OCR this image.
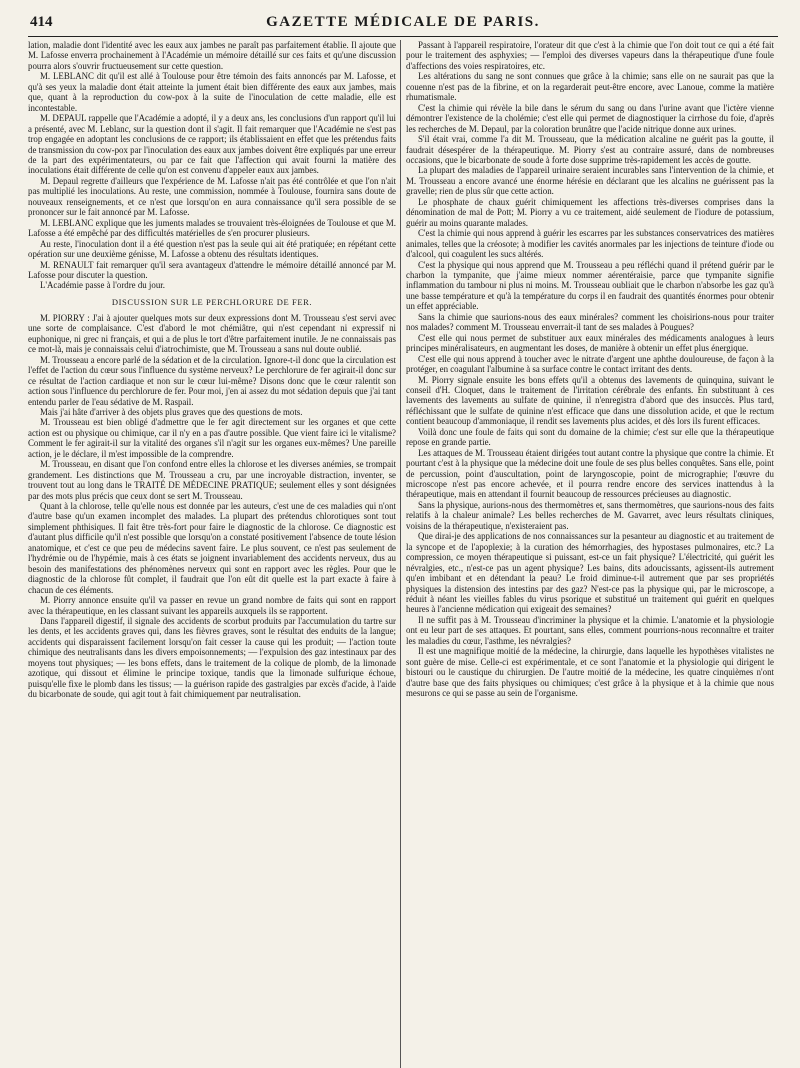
414	GAZETTE MÉDICALE DE PARIS.

lation, maladie dont l'identité avec les eaux aux jambes ne paraît pas parfaitement établie. Il ajoute que M. Lafosse enverra prochainement à l'Académie un mémoire détaillé sur ces faits et qu'une discussion pourra alors s'ouvrir fructueusement sur cette question.

M. LEBLANC dit qu'il est allé à Toulouse pour être témoin des faits annoncés par M. Lafosse, et qu'à ses yeux la maladie dont était atteinte la jument était bien différente des eaux aux jambes, mais que, quant à la reproduction du cow-pox à la suite de l'inoculation de cette maladie, elle est incontestable.

M. DEPAUL rappelle que l'Académie a adopté, il y a deux ans, les conclusions d'un rapport qu'il lui a présenté, avec M. Leblanc, sur la question dont il s'agit. Il fait remarquer que l'Académie ne s'est pas trop engagée en adoptant les conclusions de ce rapport; ils établissaient en effet que les prétendus faits de transmission du cow-pox par l'inoculation des eaux aux jambes doivent être expliqués par une erreur de la part des expérimentateurs, ou par ce fait que l'affection qui avait fourni la matière des inoculations était différente de celle qu'on est convenu d'appeler eaux aux jambes.

M. Depaul regrette d'ailleurs que l'expérience de M. Lafosse n'ait pas été contrôlée et que l'on n'ait pas multiplié les inoculations. Au reste, une commission, nommée à Toulouse, fournira sans doute de nouveaux renseignements, et ce n'est que lorsqu'on en aura connaissance qu'il sera possible de se prononcer sur le fait annoncé par M. Lafosse.

M. LEBLANC explique que les juments malades se trouvaient très-éloignées de Toulouse et que M. Lafosse a été empêché par des difficultés matérielles de s'en procurer plusieurs.

Au reste, l'inoculation dont il a été question n'est pas la seule qui ait été pratiquée; en répétant cette opération sur une deuxième génisse, M. Lafosse a obtenu des résultats identiques.

M. RENAULT fait remarquer qu'il sera avantageux d'attendre le mémoire détaillé annoncé par M. Lafosse pour discuter la question.

L'Académie passe à l'ordre du jour.

DISCUSSION SUR LE PERCHLORURE DE FER.

M. PIORRY : J'ai à ajouter quelques mots sur deux expressions dont M. Trousseau s'est servi avec une sorte de complaisance. C'est d'abord le mot chémiâtre, qui n'est cependant ni expressif ni euphonique, ni grec ni français, et qui a de plus le tort d'être parfaitement inutile. Je ne connaissais pas ce mot-là, mais je connaissais celui d'iatrochimiste, que M. Trousseau a sans nul doute oublié.

M. Trousseau a encore parlé de la sédation et de la circulation. Ignore-t-il donc que la circulation est l'effet de l'action du cœur sous l'influence du système nerveux? Le perchlorure de fer agirait-il donc sur ce résultat de l'action cardiaque et non sur le cœur lui-même? Disons donc que le cœur ralentit son action sous l'influence du perchlorure de fer. Pour moi, j'en ai assez du mot sédation depuis que j'ai tant entendu parler de l'eau sédative de M. Raspail.

Mais j'ai hâte d'arriver à des objets plus graves que des questions de mots.

M. Trousseau est bien obligé d'admettre que le fer agit directement sur les organes et que cette action est ou physique ou chimique, car il n'y en a pas d'autre possible. Que vient faire ici le vitalisme? Comment le fer agirait-il sur la vitalité des organes s'il n'agit sur les organes eux-mêmes? Une pareille action, je le déclare, il m'est impossible de la comprendre.

M. Trousseau, en disant que l'on confond entre elles la chlorose et les diverses anémies, se trompait grandement. Les distinctions que M. Trousseau a cru, par une incroyable distraction, inventer, se trouvent tout au long dans le TRAITÉ DE MÉDECINE PRATIQUE; seulement elles y sont désignées par des mots plus précis que ceux dont se sert M. Trousseau.

Quant à la chlorose, telle qu'elle nous est donnée par les auteurs, c'est une de ces maladies qui n'ont d'autre base qu'un examen incomplet des malades. La plupart des prétendus chlorotiques sont tout simplement phthisiques. Il fait être très-fort pour faire le diagnostic de la chlorose. Ce diagnostic est d'autant plus difficile qu'il n'est possible que lorsqu'on a constaté positivement l'absence de toute lésion anatomique, et c'est ce que peu de médecins savent faire. Le plus souvent, ce n'est pas seulement de l'hydrémie ou de l'hypémie, mais à ces états se joignent invariablement des accidents nerveux, dus au besoin des manifestations des phénomènes nerveux qui sont en rapport avec les règles. Pour que le diagnostic de la chlorose fût complet, il faudrait que l'on eût dit quelle est la part exacte à faire à chacun de ces éléments.

M. Piorry annonce ensuite qu'il va passer en revue un grand nombre de faits qui sont en rapport avec la thérapeutique, en les classant suivant les appareils auxquels ils se rapportent.

Dans l'appareil digestif, il signale des accidents de scorbut produits par l'accumulation du tartre sur les dents, et les accidents graves qui, dans les fièvres graves, sont le résultat des enduits de la langue; accidents qui disparaissent facilement lorsqu'on fait cesser la cause qui les produit; — l'action toute chimique des neutralisants dans les divers empoisonnements; — l'expulsion des gaz intestinaux par des moyens tout physiques; — les bons effets, dans le traitement de la colique de plomb, de la limonade azotique, qui dissout et élimine le principe toxique, tandis que la limonade sulfurique échoue, puisqu'elle fixe le plomb dans les tissus; — la guérison rapide des gastralgies par excès d'acide, à l'aide du bicarbonate de soude, qui agit tout à fait chimiquement par neutralisation.

Passant à l'appareil respiratoire, l'orateur dit que c'est à la chimie que l'on doit tout ce qui a été fait pour le traitement des asphyxies; — l'emploi des diverses vapeurs dans la thérapeutique d'une foule d'affections des voies respiratoires, etc.

Les altérations du sang ne sont connues que grâce à la chimie; sans elle on ne saurait pas que la couenne n'est pas de la fibrine, et on la regarderait peut-être encore, avec Lanoue, comme la matière rhumatismale.

C'est la chimie qui révèle la bile dans le sérum du sang ou dans l'urine avant que l'ictère vienne démontrer l'existence de la cholémie; c'est elle qui permet de diagnostiquer la cirrhose du foie, d'après les recherches de M. Depaul, par la coloration brunâtre que l'acide nitrique donne aux urines.

S'il était vrai, comme l'a dit M. Trousseau, que la médication alcaline ne guérit pas la goutte, il faudrait désespérer de la thérapeutique. M. Piorry s'est au contraire assuré, dans de nombreuses occasions, que le bicarbonate de soude à forte dose supprime très-rapidement les accès de goutte.

La plupart des maladies de l'appareil urinaire seraient incurables sans l'intervention de la chimie, et M. Trousseau a encore avancé une énorme hérésie en déclarant que les alcalins ne guérissent pas la gravelle; rien de plus sûr que cette action.

Le phosphate de chaux guérit chimiquement les affections très-diverses comprises dans la dénomination de mal de Pott; M. Piorry a vu ce traitement, aidé seulement de l'iodure de potassium, guérir au moins quarante malades.

C'est la chimie qui nous apprend à guérir les escarres par les substances conservatrices des matières animales, telles que la créosote; à modifier les cavités anormales par les injections de teinture d'iode ou d'alcool, qui coagulent les sucs altérés.

C'est la physique qui nous apprend que M. Trousseau a peu réfléchi quand il prétend guérir par le charbon la tympanite, que j'aime mieux nommer aérentéraisie, parce que tympanite signifie inflammation du tambour ni plus ni moins. M. Trousseau oubliait que le charbon n'absorbe les gaz qu'à une basse température et qu'à la température du corps il en faudrait des quantités énormes pour obtenir un effet appréciable.

Sans la chimie que saurions-nous des eaux minérales? comment les choisirions-nous pour traiter nos malades? comment M. Trousseau enverrait-il tant de ses malades à Pougues?

C'est elle qui nous permet de substituer aux eaux minérales des médicaments analogues à leurs principes minéralisateurs, en augmentant les doses, de manière à obtenir un effet plus énergique.

C'est elle qui nous apprend à toucher avec le nitrate d'argent une aphthe douloureuse, de façon à la protéger, en coagulant l'albumine à sa surface contre le contact irritant des dents.

M. Piorry signale ensuite les bons effets qu'il a obtenus des lavements de quinquina, suivant le conseil d'H. Cloquet, dans le traitement de l'irritation cérébrale des enfants. En substituant à ces lavements des lavements au sulfate de quinine, il n'enregistra d'abord que des insuccès. Plus tard, réfléchissant que le sulfate de quinine n'est efficace que dans une dissolution acide, et que le rectum contient beaucoup d'ammoniaque, il rendit ses lavements plus acides, et dès lors ils furent efficaces.

Voilà donc une foule de faits qui sont du domaine de la chimie; c'est sur elle que la thérapeutique repose en grande partie.

Les attaques de M. Trousseau étaient dirigées tout autant contre la physique que contre la chimie. Et pourtant c'est à la physique que la médecine doit une foule de ses plus belles conquêtes. Sans elle, point de percussion, point d'auscultation, point de laryngoscopie, point de micrographie; l'œuvre du microscope n'est pas encore achevée, et il pourra rendre encore des services inattendus à la thérapeutique, mais en attendant il fournit beaucoup de ressources précieuses au diagnostic.

Sans la physique, aurions-nous des thermomètres et, sans thermomètres, que saurions-nous des faits relatifs à la chaleur animale? Les belles recherches de M. Gavarret, avec leurs résultats cliniques, voisins de la thérapeutique, n'existeraient pas.

Que dirai-je des applications de nos connaissances sur la pesanteur au diagnostic et au traitement de la syncope et de l'apoplexie; à la curation des hémorrhagies, des hypostases pulmonaires, etc.? La compression, ce moyen thérapeutique si puissant, est-ce un fait physique? L'électricité, qui guérit les névralgies, etc., n'est-ce pas un agent physique? Les bains, dits adoucissants, agissent-ils autrement qu'en imbibant et en détendant la peau? Le froid diminue-t-il autrement que par ses propriétés physiques la distension des intestins par des gaz? N'est-ce pas la physique qui, par le microscope, a réduit à néant les vieilles fables du virus psorique et substitué un traitement qui guérit en quelques heures à l'ancienne médication qui exigeait des semaines?

Il ne suffit pas à M. Trousseau d'incriminer la physique et la chimie. L'anatomie et la physiologie ont eu leur part de ses attaques. Et pourtant, sans elles, comment pourrions-nous reconnaître et traiter les maladies du cœur, l'asthme, les névralgies?

Il est une magnifique moitié de la médecine, la chirurgie, dans laquelle les hypothèses vitalistes ne sont guère de mise. Celle-ci est expérimentale, et ce sont l'anatomie et la physiologie qui dirigent le bistouri ou le caustique du chirurgien. De l'autre moitié de la médecine, les quatre cinquièmes n'ont d'autre base que des faits physiques ou chimiques; c'est grâce à la physique et à la chimie que nous mesurons ce qui se passe au sein de l'organisme.
